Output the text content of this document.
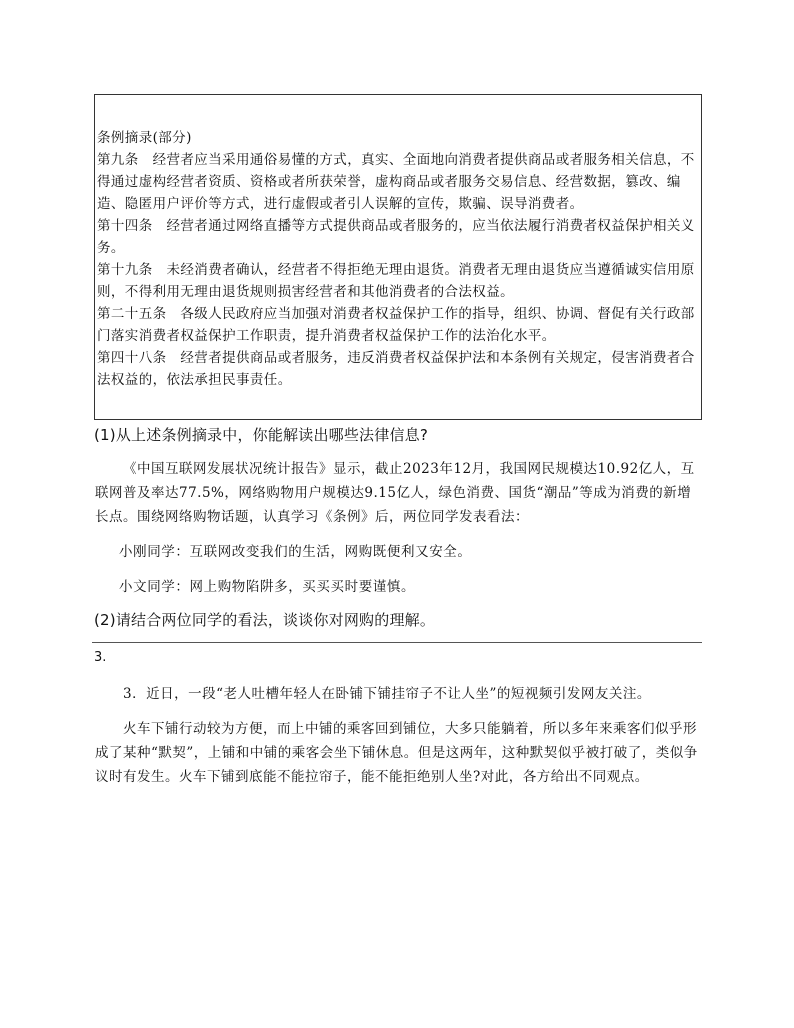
条例摘录(部分)

第九条　经营者应当采用通俗易懂的方式，真实、全面地向消费者提供商品或者服务相关信息，不得通过虚构经营者资质、资格或者所获荣誉，虚构商品或者服务交易信息、经营数据，篡改、编造、隐匿用户评价等方式，进行虚假或者引人误解的宣传，欺骗、误导消费者。

第十四条　经营者通过网络直播等方式提供商品或者服务的，应当依法履行消费者权益保护相关义务。

第十九条　未经消费者确认，经营者不得拒绝无理由退货。消费者无理由退货应当遵循诚实信用原则，不得利用无理由退货规则损害经营者和其他消费者的合法权益。

第二十五条　各级人民政府应当加强对消费者权益保护工作的指导，组织、协调、督促有关行政部门落实消费者权益保护工作职责，提升消费者权益保护工作的法治化水平。

第四十八条　经营者提供商品或者服务，违反消费者权益保护法和本条例有关规定，侵害消费者合法权益的，依法承担民事责任。

(1)从上述条例摘录中，你能解读出哪些法律信息?

《中国互联网发展状况统计报告》显示，截止2023年12月，我国网民规模达10.92亿人，互联网普及率达77.5%，网络购物用户规模达9.15亿人，绿色消费、国货“潮品”等成为消费的新增长点。围绕网络购物话题，认真学习《条例》后，两位同学发表看法：

小刚同学：互联网改变我们的生活，网购既便利又安全。

小文同学：网上购物陷阱多，买买买时要谨慎。

(2)请结合两位同学的看法，谈谈你对网购的理解。
3.

3．近日，一段“老人吐槽年轻人在卧铺下铺挂帘子不让人坐”的短视频引发网友关注。

火车下铺行动较为方便，而上中铺的乘客回到铺位，大多只能躺着，所以多年来乘客们似乎形成了某种“默契”，上铺和中铺的乘客会坐下铺休息。但是这两年，这种默契似乎被打破了，类似争议时有发生。火车下铺到底能不能拉帘子，能不能拒绝别人坐?对此，各方给出不同观点。
